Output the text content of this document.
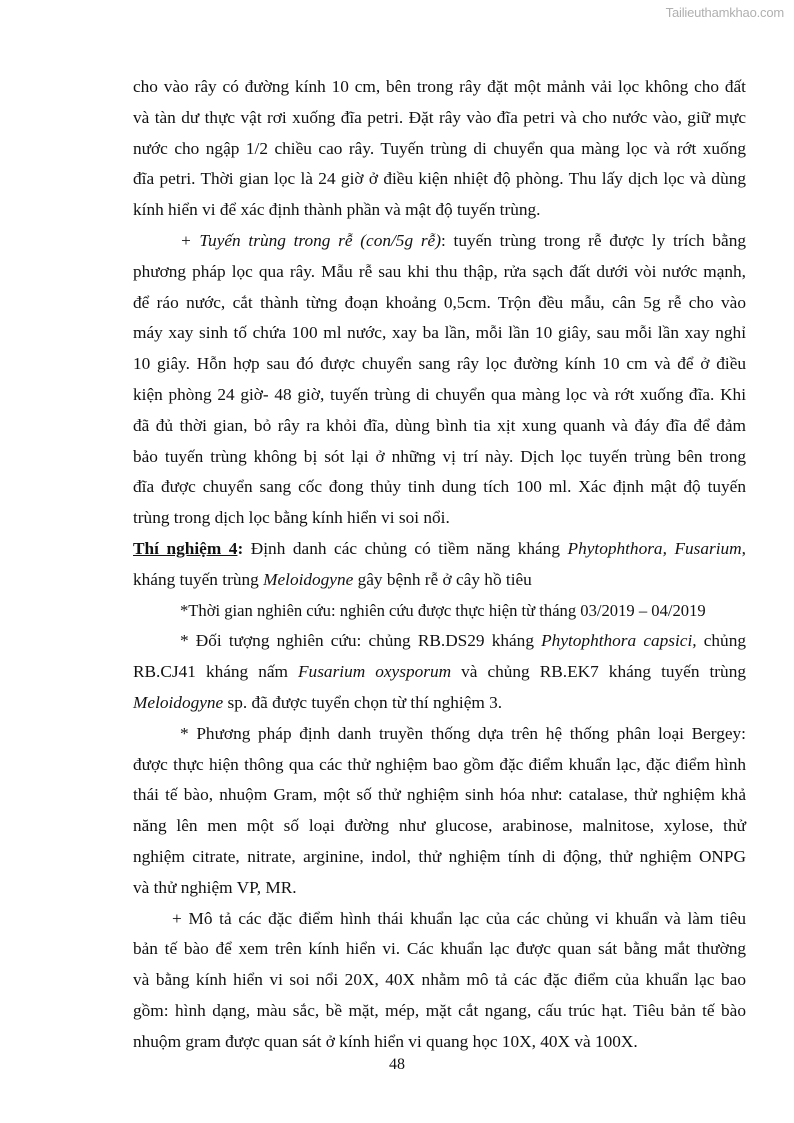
Tailieuthamkhao.com
cho vào rây có đường kính 10 cm, bên trong rây đặt một mảnh vải lọc không cho đất
và tàn dư thực vật rơi xuống đĩa petri. Đặt rây vào đĩa petri và cho nước vào, giữ mực
nước cho ngập 1/2 chiều cao rây. Tuyến trùng di chuyển qua màng lọc và rớt xuống
đĩa petri. Thời gian lọc là 24 giờ ở điều kiện nhiệt độ phòng. Thu lấy dịch lọc và dùng
kính hiển vi để xác định thành phần và mật độ tuyến trùng.
+ Tuyến trùng trong rễ (con/5g rễ): tuyến trùng trong rễ được ly trích bằng
phương pháp lọc qua rây. Mẫu rễ sau khi thu thập, rửa sạch đất dưới vòi nước mạnh,
để ráo nước, cắt thành từng đoạn khoảng 0,5cm. Trộn đều mẫu, cân 5g rễ cho vào
máy xay sinh tố chứa 100 ml nước, xay ba lần, mỗi lần 10 giây, sau mỗi lần xay nghỉ
10 giây. Hỗn hợp sau đó được chuyển sang rây lọc đường kính 10 cm và để ở điều
kiện phòng 24 giờ- 48 giờ, tuyến trùng di chuyển qua màng lọc và rớt xuống đĩa. Khi
đã đủ thời gian, bỏ rây ra khỏi đĩa, dùng bình tia xịt xung quanh và đáy đĩa để đảm
bảo tuyến trùng không bị sót lại ở những vị trí này. Dịch lọc tuyến trùng bên trong
đĩa được chuyển sang cốc đong thủy tinh dung tích 100 ml. Xác định mật độ tuyến
trùng trong dịch lọc bằng kính hiển vi soi nổi.
Thí nghiệm 4: Định danh các chủng có tiềm năng kháng Phytophthora, Fusarium,
kháng tuyến trùng Meloidogyne gây bệnh rễ ở cây hồ tiêu
*Thời gian nghiên cứu: nghiên cứu được thực hiện từ tháng 03/2019 – 04/2019
* Đối tượng nghiên cứu: chủng RB.DS29 kháng Phytophthora capsici, chủng
RB.CJ41 kháng nấm Fusarium oxysporum và chủng RB.EK7 kháng tuyến trùng
Meloidogyne sp. đã được tuyển chọn từ thí nghiệm 3.
* Phương pháp định danh truyền thống dựa trên hệ thống phân loại Bergey:
được thực hiện thông qua các thử nghiệm bao gồm đặc điểm khuẩn lạc, đặc điểm hình
thái tế bào, nhuộm Gram, một số thử nghiệm sinh hóa như: catalase, thử nghiệm khả
năng lên men một số loại đường như glucose, arabinose, malnitose, xylose, thử
nghiệm citrate, nitrate, arginine, indol, thử nghiệm tính di động, thử nghiệm ONPG
và thử nghiệm VP, MR.
+ Mô tả các đặc điểm hình thái khuẩn lạc của các chủng vi khuẩn và làm tiêu
bản tế bào để xem trên kính hiển vi. Các khuẩn lạc được quan sát bằng mắt thường
và bằng kính hiển vi soi nổi 20X, 40X nhằm mô tả các đặc điểm của khuẩn lạc bao
gồm: hình dạng, màu sắc, bề mặt, mép, mặt cắt ngang, cấu trúc hạt. Tiêu bản tế bào
nhuộm gram được quan sát ở kính hiển vi quang học 10X, 40X và 100X.
48
